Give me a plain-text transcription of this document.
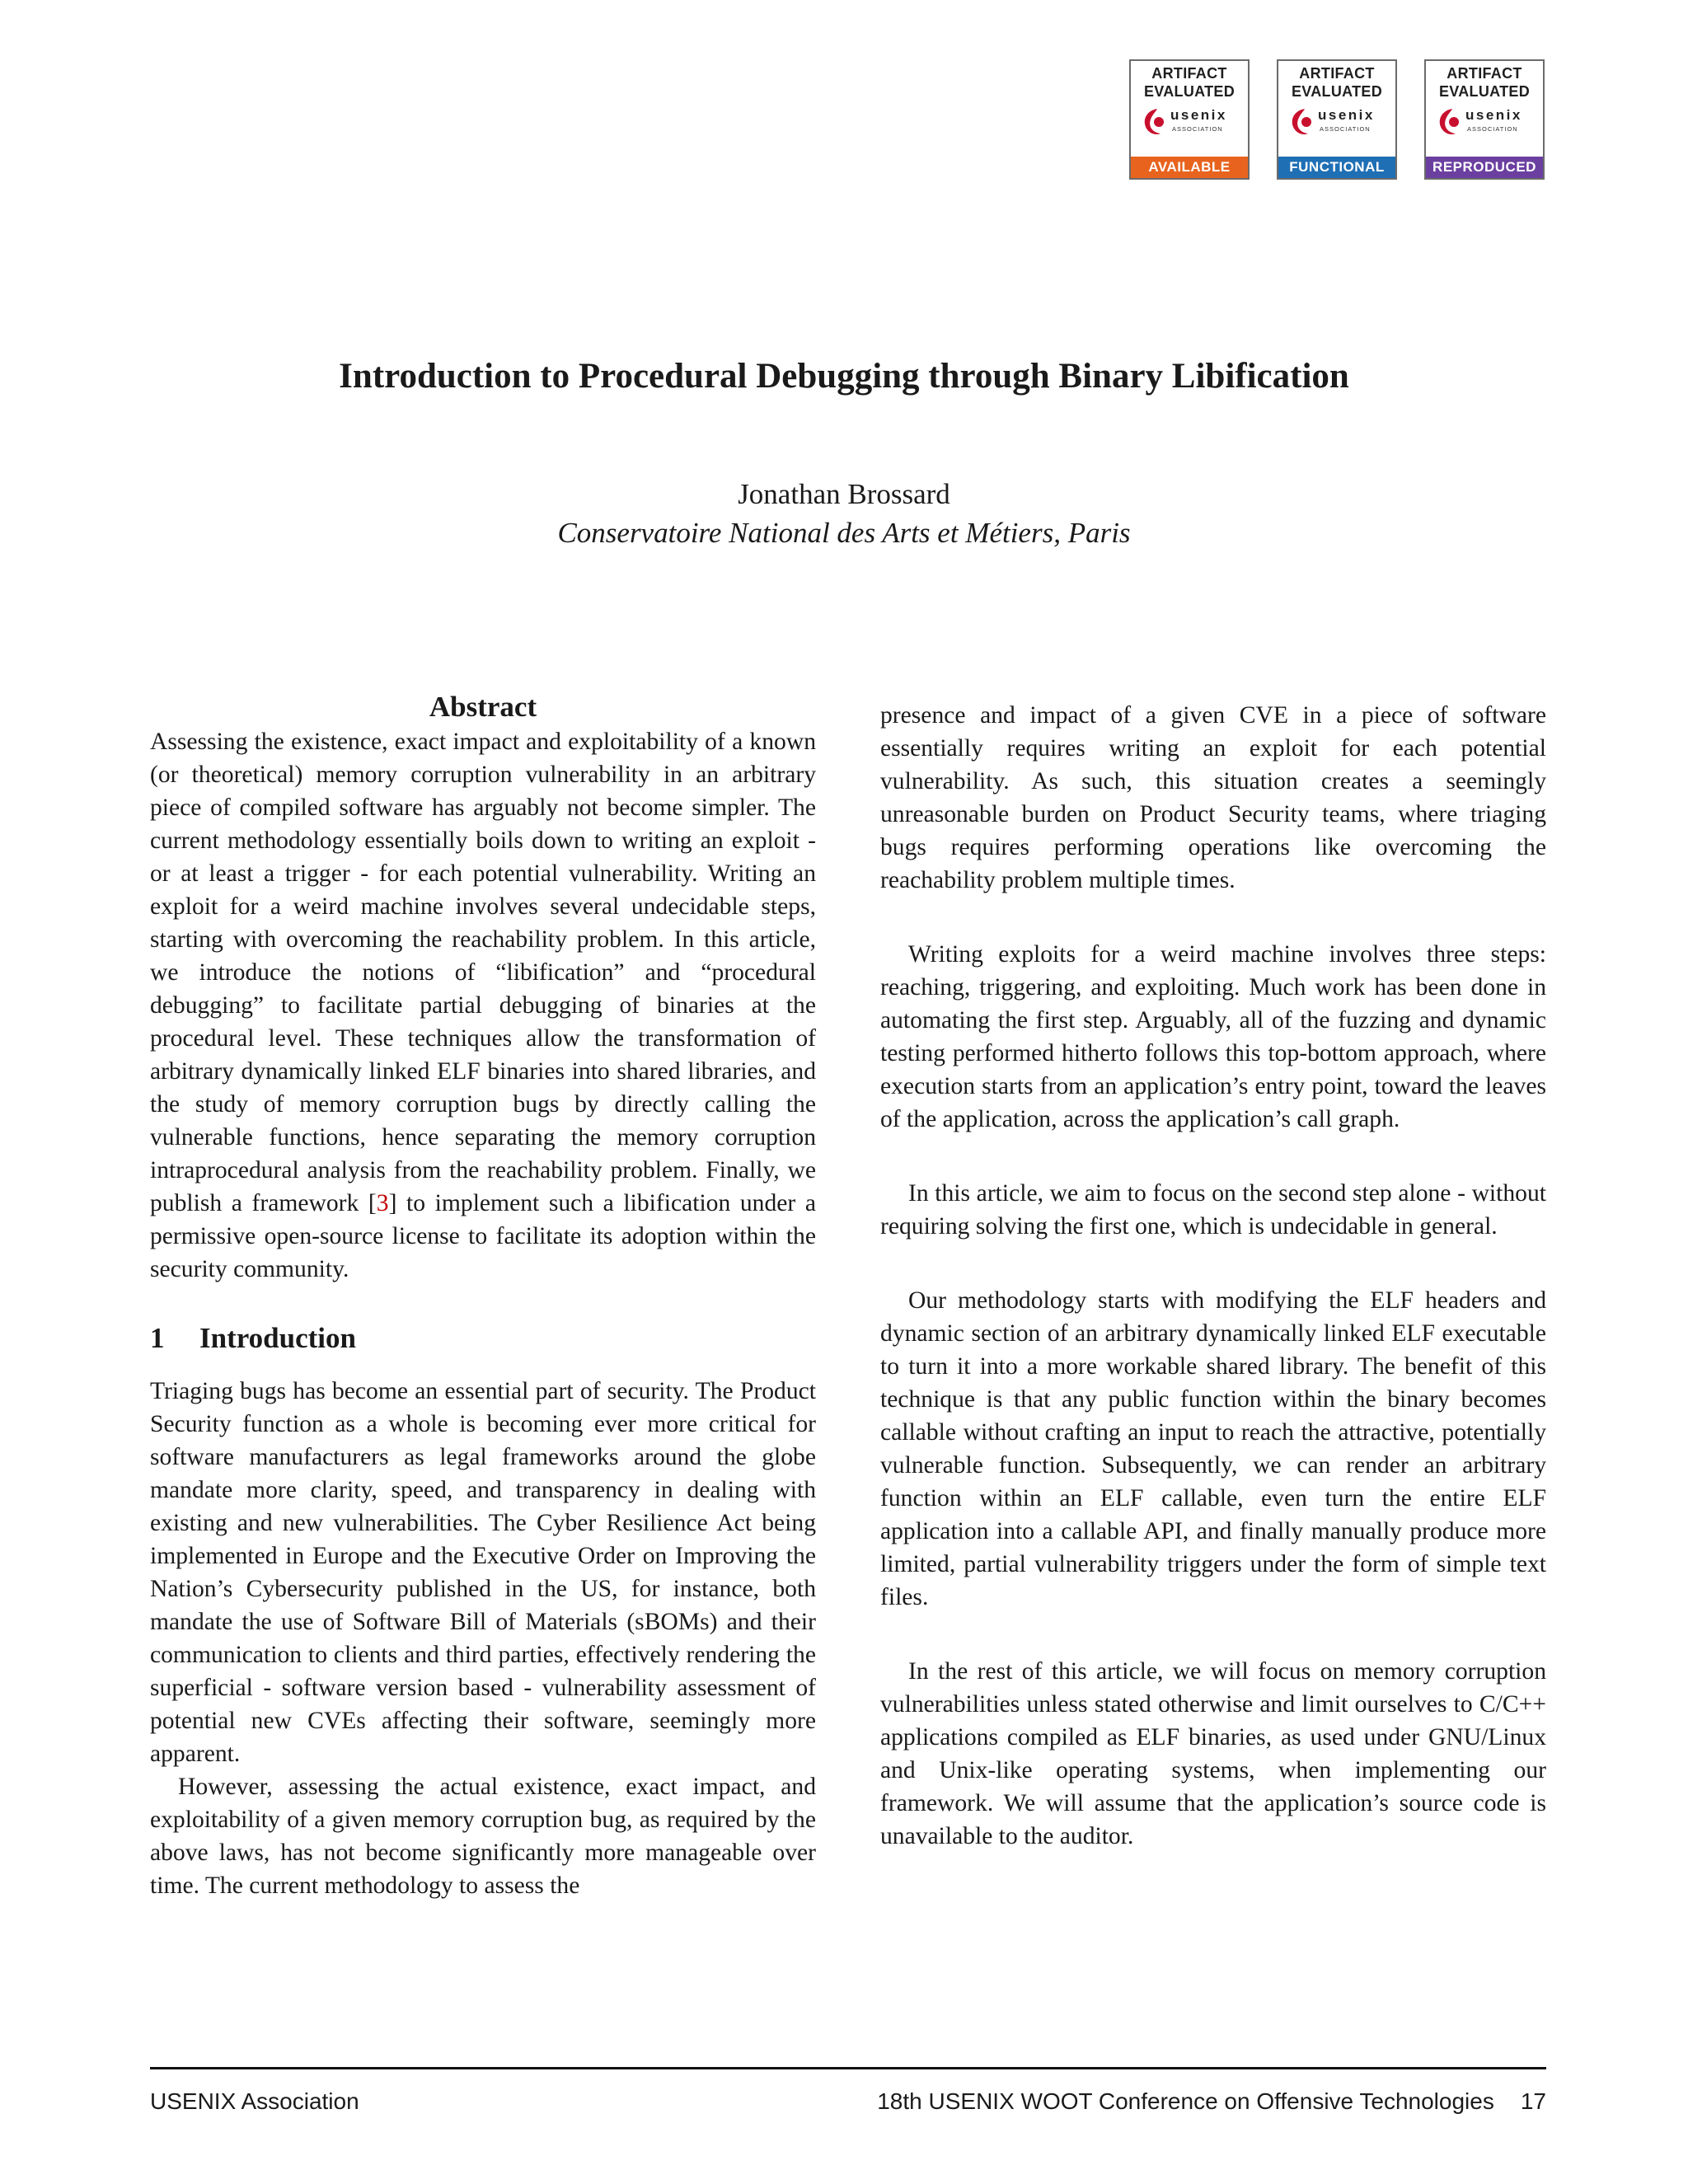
ARTIFACT
EVALUATED
usenix
ASSOCIATION
AVAILABLE
ARTIFACT
EVALUATED
usenix
ASSOCIATION
FUNCTIONAL
ARTIFACT
EVALUATED
usenix
ASSOCIATION
REPRODUCED
Introduction to Procedural Debugging through Binary Libification
Jonathan Brossard
Conservatoire National des Arts et Métiers, Paris
Abstract

Assessing the existence, exact impact and exploitability of a known (or theoretical) memory corruption vulnerability in an arbitrary piece of compiled software has arguably not become simpler. The current methodology essentially boils down to writing an exploit - or at least a trigger - for each potential vulnerability. Writing an exploit for a weird machine involves several undecidable steps, starting with overcoming the reachability problem. In this article, we introduce the notions of “libification” and “procedural debugging” to facilitate partial debugging of binaries at the procedural level. These techniques allow the transformation of arbitrary dynamically linked ELF binaries into shared libraries, and the study of memory corruption bugs by directly calling the vulnerable functions, hence separating the memory corruption intraprocedural analysis from the reachability problem. Finally, we publish a framework [3] to implement such a libification under a permissive open-source license to facilitate its adoption within the security community.

1 Introduction

Triaging bugs has become an essential part of security. The Product Security function as a whole is becoming ever more critical for software manufacturers as legal frameworks around the globe mandate more clarity, speed, and transparency in dealing with existing and new vulnerabilities. The Cyber Resilience Act being implemented in Europe and the Executive Order on Improving the Nation’s Cybersecurity published in the US, for instance, both mandate the use of Software Bill of Materials (sBOMs) and their communication to clients and third parties, effectively rendering the superficial - software version based - vulnerability assessment of potential new CVEs affecting their software, seemingly more apparent.

However, assessing the actual existence, exact impact, and exploitability of a given memory corruption bug, as required by the above laws, has not become significantly more manageable over time. The current methodology to assess the

presence and impact of a given CVE in a piece of software essentially requires writing an exploit for each potential vulnerability. As such, this situation creates a seemingly unreasonable burden on Product Security teams, where triaging bugs requires performing operations like overcoming the reachability problem multiple times.

Writing exploits for a weird machine involves three steps: reaching, triggering, and exploiting. Much work has been done in automating the first step. Arguably, all of the fuzzing and dynamic testing performed hitherto follows this top-bottom approach, where execution starts from an application’s entry point, toward the leaves of the application, across the application’s call graph.

In this article, we aim to focus on the second step alone - without requiring solving the first one, which is undecidable in general.

Our methodology starts with modifying the ELF headers and dynamic section of an arbitrary dynamically linked ELF executable to turn it into a more workable shared library. The benefit of this technique is that any public function within the binary becomes callable without crafting an input to reach the attractive, potentially vulnerable function. Subsequently, we can render an arbitrary function within an ELF callable, even turn the entire ELF application into a callable API, and finally manually produce more limited, partial vulnerability triggers under the form of simple text files.

In the rest of this article, we will focus on memory corruption vulnerabilities unless stated otherwise and limit ourselves to C/C++ applications compiled as ELF binaries, as used under GNU/Linux and Unix-like operating systems, when implementing our framework. We will assume that the application’s source code is unavailable to the auditor.

USENIX Association	18th USENIX WOOT Conference on Offensive Technologies 17
